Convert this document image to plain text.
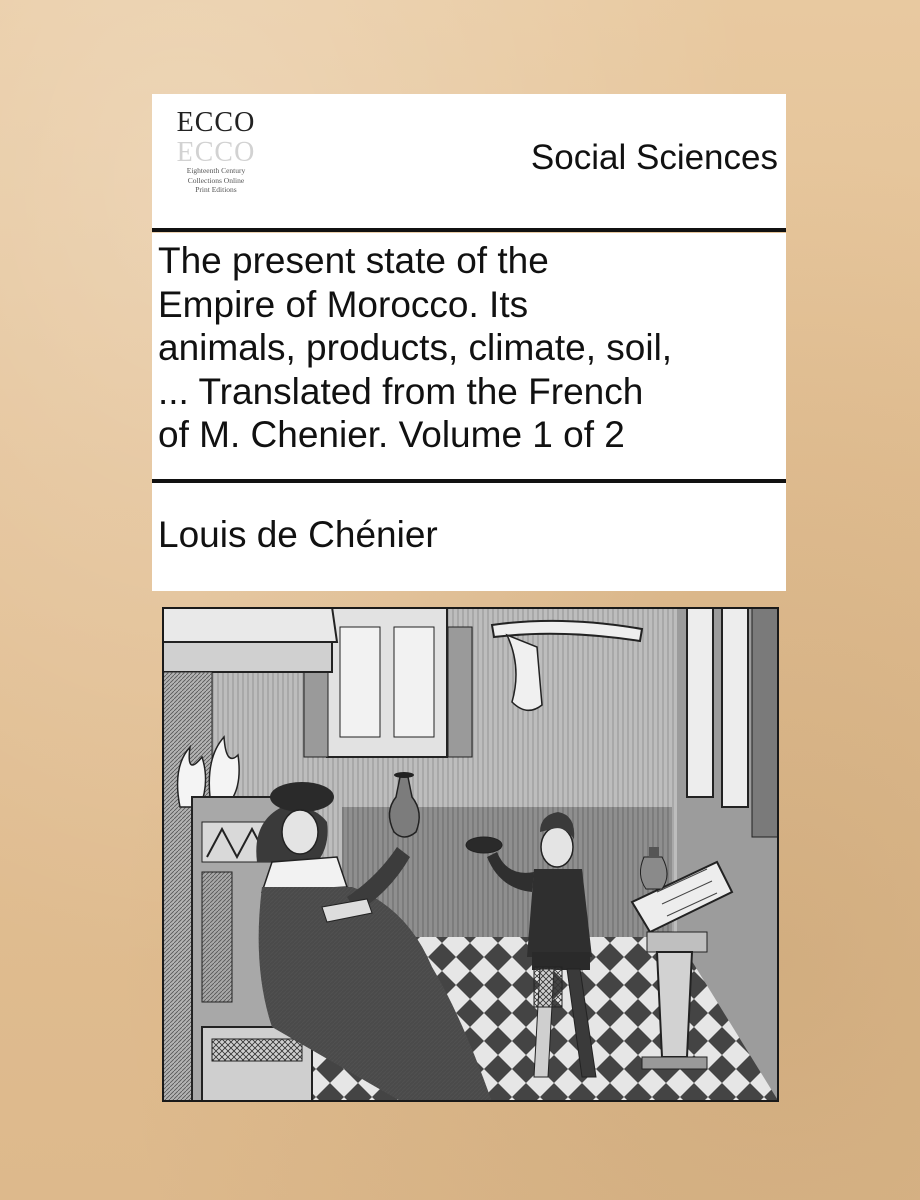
ECCO
ECCO
Eighteenth Century
Collections Online
Print Editions
Social Sciences
The present state of the
Empire of Morocco. Its
animals, products, climate, soil,
... Translated from the French
of M. Chenier. Volume 1 of 2
Louis de Chénier
